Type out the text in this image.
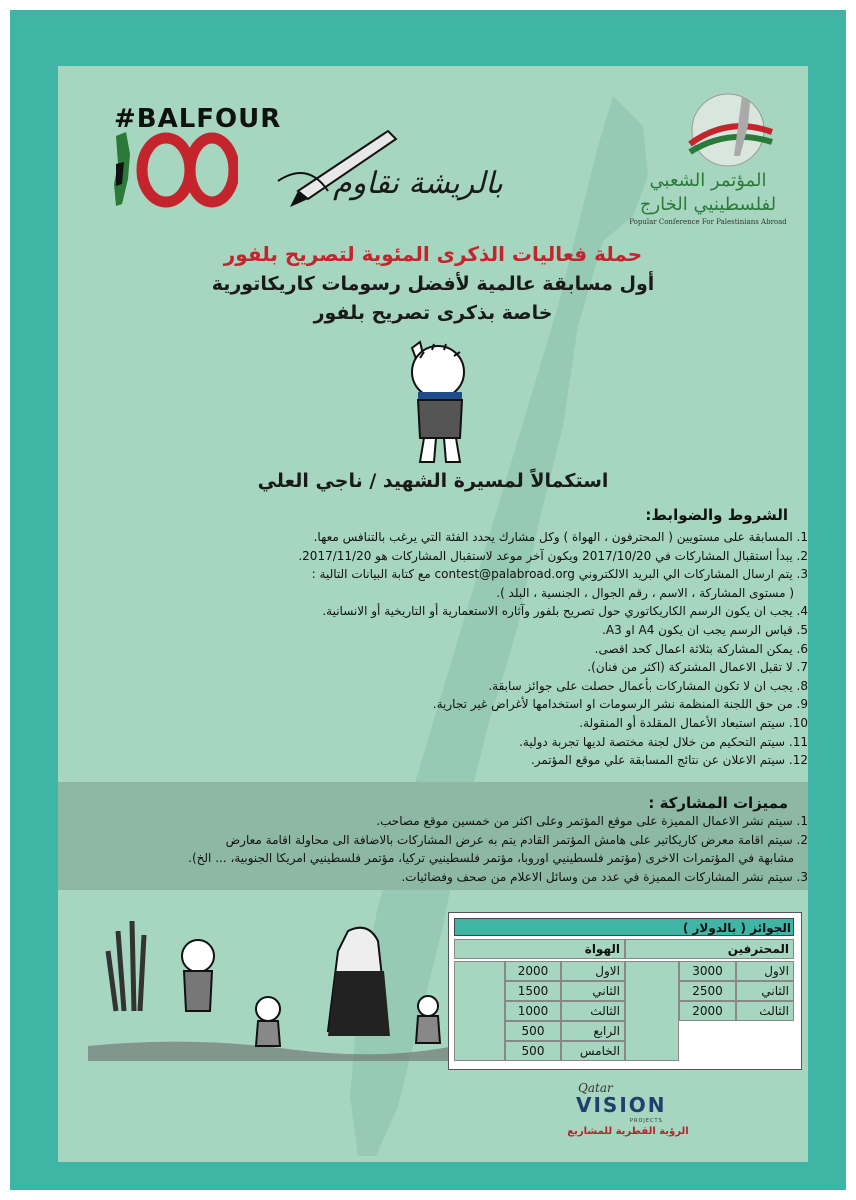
#BALFOUR
بالريشة نقاوم	المؤتمر الشعبي
لفلسطينيي الخارج
Popular Conference For Palestinians Abroad
حملة فعاليات الذكرى المئوية لتصريح بلفور
أول مسابقة عالمية لأفضل رسومات كاريكاتورية
خاصة بذكرى تصريح بلفور
استكمالاً لمسيرة الشهيد / ناجي العلي
الشروط والضوابط:
1. المسابقة على مستويين ( المحترفون ، الهواة ) وكل مشارك يحدد الفئة التي يرغب بالتنافس معها.
2. يبدأ استقبال المشاركات في 2017/10/20 ويكون آخر موعد لاستقبال المشاركات هو 2017/11/20.
3. يتم ارسال المشاركات الي البريد الالكتروني contest@palabroad.org مع كتابة البيانات التالية :
( مستوى المشاركة ، الاسم ، رقم الجوال ، الجنسية ، البلد ).
4. يجب ان يكون الرسم الكاريكاتوري حول تصريح بلفور وآثاره الاستعمارية أو التاريخية أو الانسانية.
5. قياس الرسم يجب ان يكون A4 او A3.
6. يمكن المشاركة بثلاثة اعمال كحد اقصى.
7. لا تقبل الاعمال المشتركة (اكثر من فنان).
8. يجب ان لا تكون المشاركات بأعمال حصلت على جوائز سابقة.
9. من حق اللجنة المنظمة نشر الرسومات او استخدامها لأغراض غير تجارية.
10. سيتم استبعاد الأعمال المقلدة أو المنقولة.
11. سيتم التحكيم من خلال لجنة مختصة لديها تجربة دولية.
12. سيتم الاعلان عن نتائج المسابقة علي موقع المؤتمر.
مميزات المشاركة :
1. سيتم نشر الاعمال المميزة على موقع المؤتمر وعلى اكثر من خمسين موقع مصاحب.
2. سيتم اقامة معرض كاريكاتير على هامش المؤتمر القادم يتم به عرض المشاركات بالاضافة الى محاولة اقامة معارض
مشابهة في المؤتمرات الاخرى (مؤتمر فلسطينيي اوروبا، مؤتمر فلسطينيي تركيا، مؤتمر فلسطينيي امريكا الجنوبية، ... الخ).
3. سيتم نشر المشاركات المميزة في عدد من وسائل الاعلام من صحف وفضائيات.
الجوائز ( بالدولار )
المحترفين
الهواة
الاول
3000
الثاني
2500
الثالث
2000
الاول
2000
الثاني
1500
الثالث
1000
الرابع
500
الخامس
500
Qatar
VISION
PROJECTS
الرؤية القطرية للمشاريع
